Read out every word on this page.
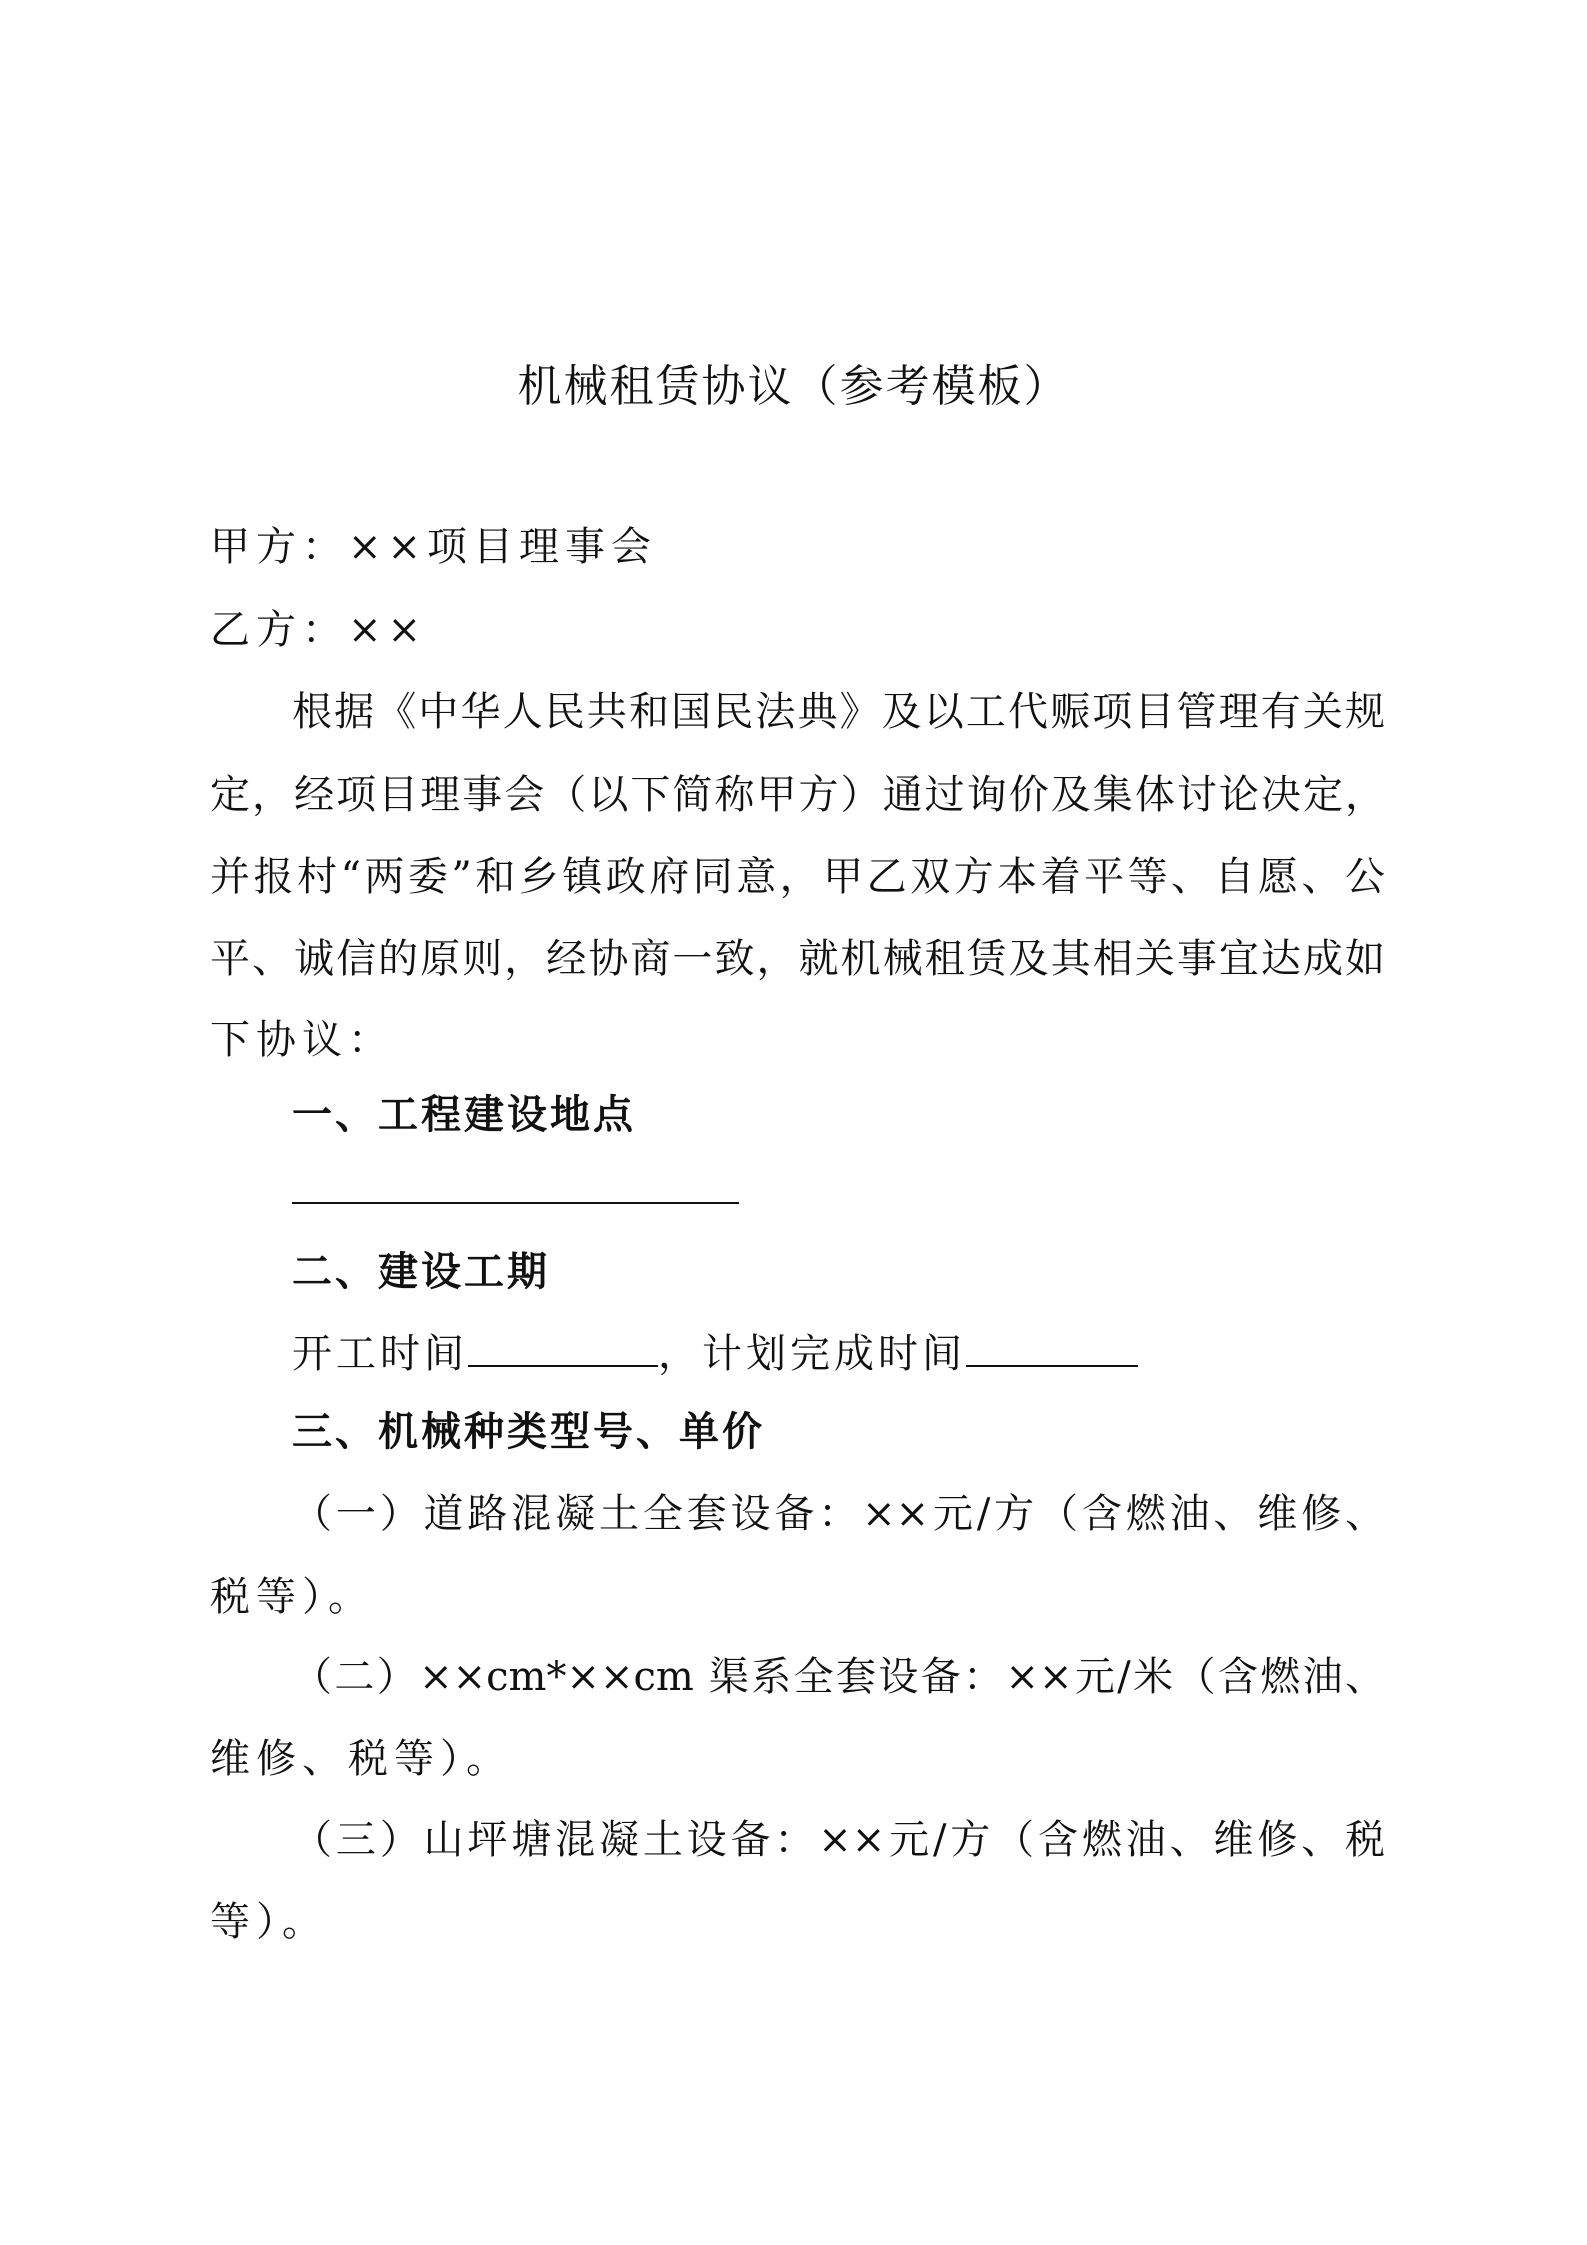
机械租赁协议（参考模板）
甲方：××项目理事会
乙方：××
根据《中华人民共和国民法典》及以工代赈项目管理有关规
定，经项目理事会（以下简称甲方）通过询价及集体讨论决定，
并报村“两委”和乡镇政府同意，甲乙双方本着平等、自愿、公
平、诚信的原则，经协商一致，就机械租赁及其相关事宜达成如
下协议：
一、工程建设地点
二、建设工期
开工时间	，计划完成时间
三、机械种类型号、单价
（一）道路混凝土全套设备：××元/方（含燃油、维修、
税等）。
（二）××cm*××cm 渠系全套设备：××元/米（含燃油、
维修、税等）。
（三）山坪塘混凝土设备：××元/方（含燃油、维修、税
等）。
